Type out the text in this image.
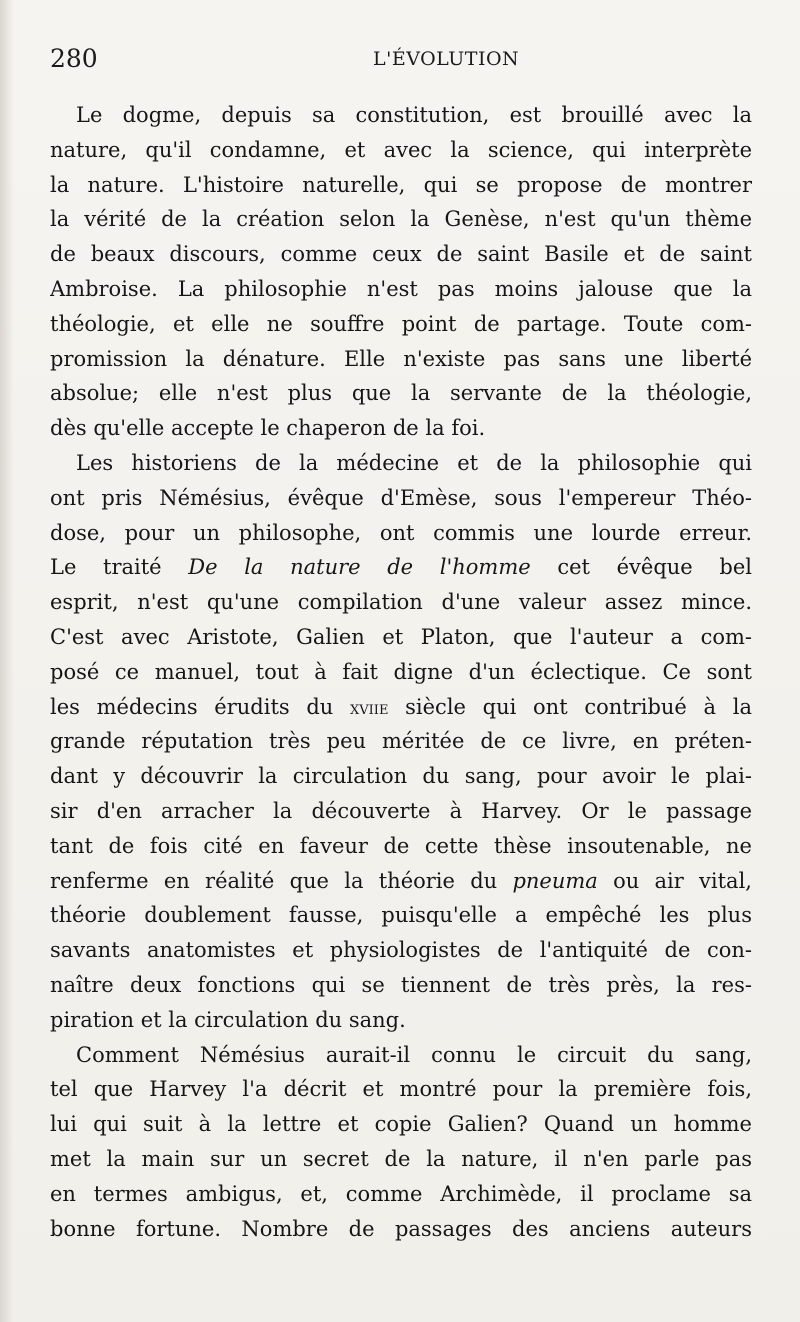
280	L'ÉVOLUTION
Le dogme, depuis sa constitution, est brouillé avec la
nature, qu'il condamne, et avec la science, qui interprète
la nature. L'histoire naturelle, qui se propose de montrer
la vérité de la création selon la Genèse, n'est qu'un thème
de beaux discours, comme ceux de saint Basile et de saint
Ambroise. La philosophie n'est pas moins jalouse que la
théologie, et elle ne souffre point de partage. Toute com-
promission la dénature. Elle n'existe pas sans une liberté
absolue; elle n'est plus que la servante de la théologie,
dès qu'elle accepte le chaperon de la foi.
Les historiens de la médecine et de la philosophie qui
ont pris Némésius, évêque d'Emèse, sous l'empereur Théo-
dose, pour un philosophe, ont commis une lourde erreur.
Le traité De la nature de l'homme cet évêque bel
esprit, n'est qu'une compilation d'une valeur assez mince.
C'est avec Aristote, Galien et Platon, que l'auteur a com-
posé ce manuel, tout à fait digne d'un éclectique. Ce sont
les médecins érudits du xviie siècle qui ont contribué à la
grande réputation très peu méritée de ce livre, en préten-
dant y découvrir la circulation du sang, pour avoir le plai-
sir d'en arracher la découverte à Harvey. Or le passage
tant de fois cité en faveur de cette thèse insoutenable, ne
renferme en réalité que la théorie du pneuma ou air vital,
théorie doublement fausse, puisqu'elle a empêché les plus
savants anatomistes et physiologistes de l'antiquité de con-
naître deux fonctions qui se tiennent de très près, la res-
piration et la circulation du sang.
Comment Némésius aurait-il connu le circuit du sang,
tel que Harvey l'a décrit et montré pour la première fois,
lui qui suit à la lettre et copie Galien? Quand un homme
met la main sur un secret de la nature, il n'en parle pas
en termes ambigus, et, comme Archimède, il proclame sa
bonne fortune. Nombre de passages des anciens auteurs
